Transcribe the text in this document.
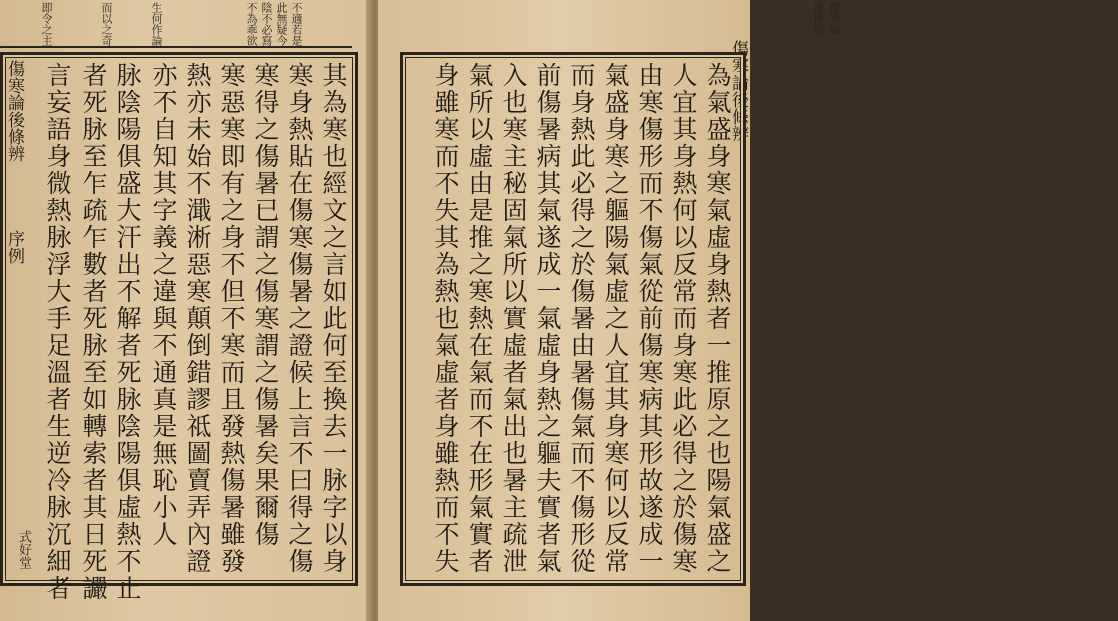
不適若是
此無疑今
陰不必寫
不為乖欲
生何作論
而以之奇
即令之主
傷寒論後條辨
序例	其為寒也經文之言如此何至換去一脉字以身
寒身熱貼在傷寒傷暑之證候上言不曰得之傷
寒得之傷暑已謂之傷寒謂之傷暑矣果爾傷
寒惡寒即有之身不但不寒而且發熱傷暑雖發
熱亦未始不濈淅惡寒顛倒錯謬祗圖賣弄內證
亦不自知其字義之違與不通真是無恥小人
脉陰陽俱盛大汗出不解者死脉陰陽俱虛熱不止
者死脉至乍疏乍數者死脉至如轉索者其日死讝
言妄語身微熱脉浮大手足溫者生逆冷脉沉細者
式好堂
傷寒論
後條辨
傷寒論後條辨
為氣盛身寒氣虛身熱者一推原之也陽氣盛之
人宜其身熱何以反常而身寒此必得之於傷寒
由寒傷形而不傷氣從前傷寒病其形故遂成一
氣盛身寒之軀陽氣虛之人宜其身寒何以反常
而身熱此必得之於傷暑由暑傷氣而不傷形從
前傷暑病其氣遂成一氣虛身熱之軀夫實者氣
入也寒主秘固氣所以實虛者氣出也暑主疏泄
氣所以虛由是推之寒熱在氣而不在形氣實者
身雖寒而不失其為熱也氣虛者身雖熱而不失
